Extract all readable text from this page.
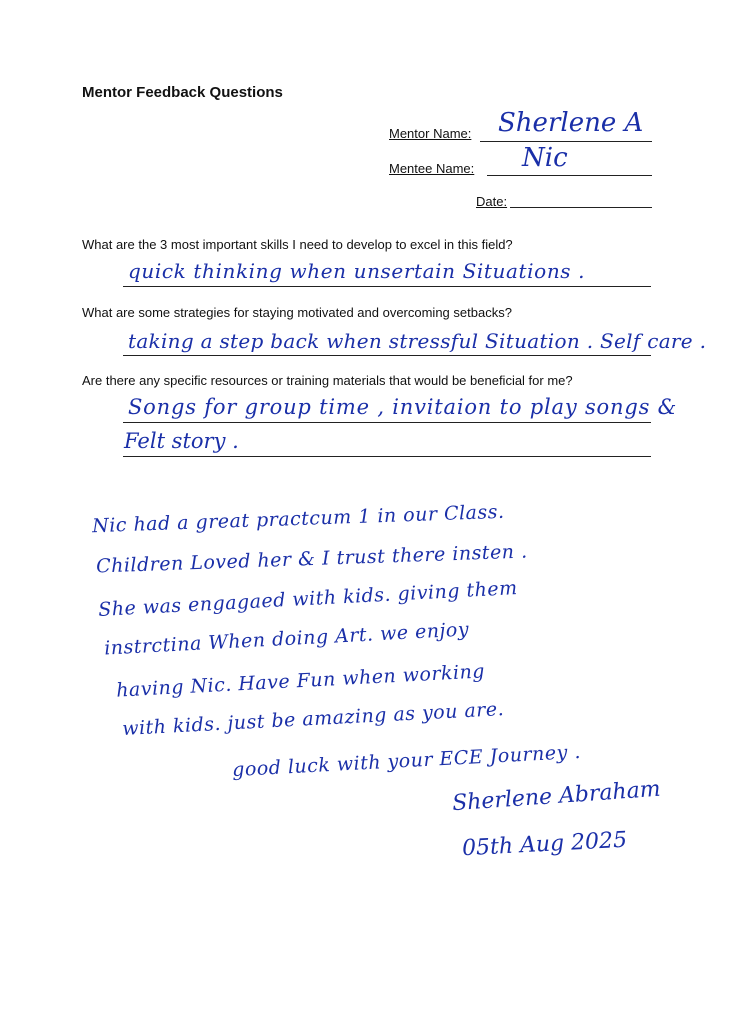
Mentor Feedback Questions
Mentor Name: Sherlene A
Mentee Name: Nic
Date:
What are the 3 most important skills I need to develop to excel in this field?
quick thinking when unsertain Situations .
What are some strategies for staying motivated and overcoming setbacks?
taking a step back when stressful Situation . Self care .
Are there any specific resources or training materials that would be beneficial for me?
Songs for group time , invitaion to play songs &
Felt story .
Nic had a great practcum 1 in our Class.
Children Loved her & I trust there insten .
She was engagaed with kids. giving them
instrctina When doing Art. we enjoy
having Nic. Have Fun when working
with kids. just be amazing as you are.
good luck with your ECE Journey .
Sherlene Abraham
05th Aug 2025
